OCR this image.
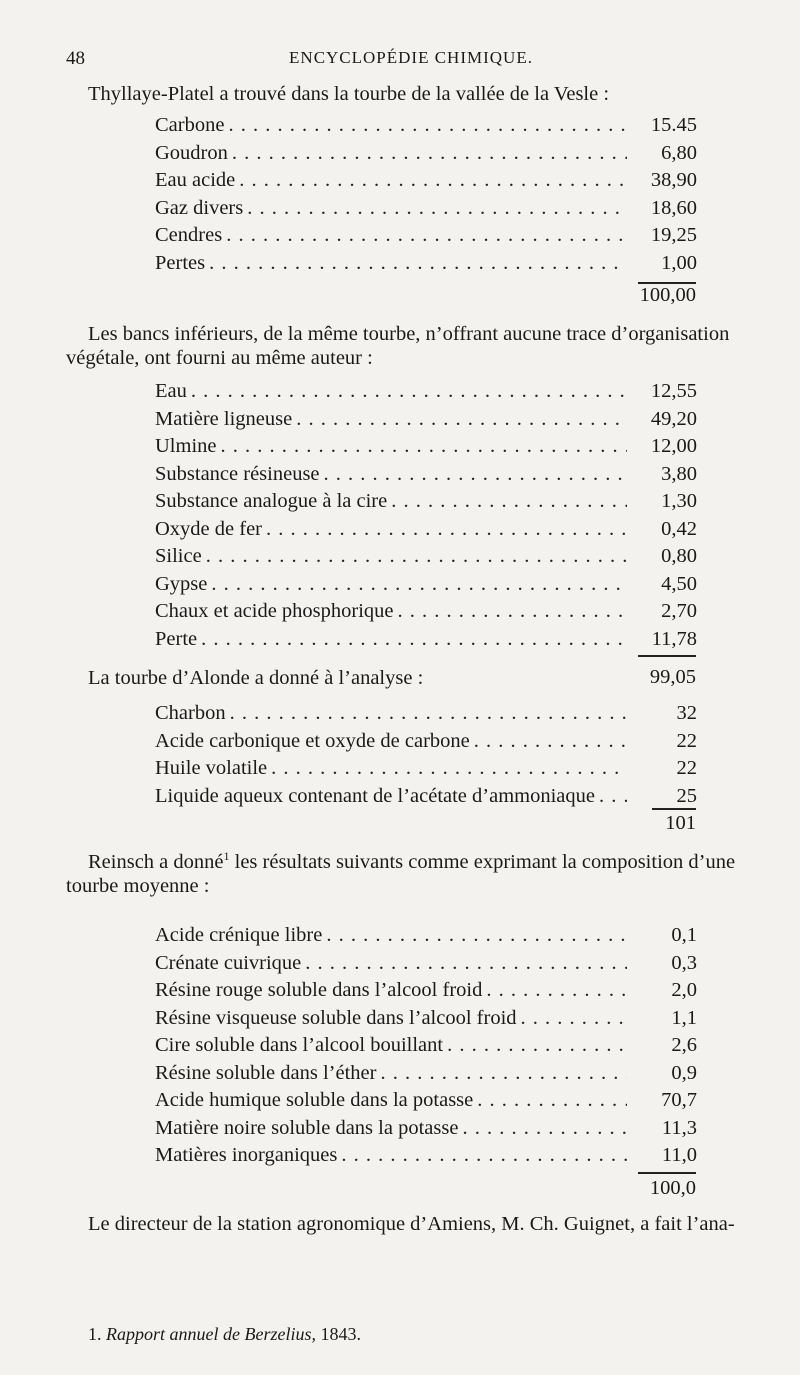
48	ENCYCLOPÉDIE CHIMIQUE.
Thyllaye-Platel a trouvé dans la tourbe de la vallée de la Vesle :
Carbone . . .	15.45
Goudron . . .	6,80
Eau acide . . .	38,90
Gaz divers . . .	18,60
Cendres . . .	19,25
Pertes . . .	1,00
100,00
Les bancs inférieurs, de la même tourbe, n’offrant aucune trace d’organisation
végétale, ont fourni au même auteur :
Eau . . .	12,55
Matière ligneuse . . .	49,20
Ulmine . . .	12,00
Substance résineuse . . .	3,80
Substance analogue à la cire . . .	1,30
Oxyde de fer . . .	0,42
Silice . . .	0,80
Gypse . . .	4,50
Chaux et acide phosphorique . . .	2,70
Perte . . .	11,78
La tourbe d’Alonde a donné à l’analyse :	99,05
Charbon . . .	32
Acide carbonique et oxyde de carbone . . .	22
Huile volatile . . .	22
Liquide aqueux contenant de l’acétate d’ammoniaque . . .	25
101
Reinsch a donné$^1$ les résultats suivants comme exprimant la composition d’une
tourbe moyenne :
Acide crénique libre . . .	0,1
Crénate cuivrique . . .	0,3
Résine rouge soluble dans l’alcool froid . . .	2,0
Résine visqueuse soluble dans l’alcool froid . . .	1,1
Cire soluble dans l’alcool bouillant . . .	2,6
Résine soluble dans l’éther . . .	0,9
Acide humique soluble dans la potasse . . .	70,7
Matière noire soluble dans la potasse . . .	11,3
Matières inorganiques . . .	11,0
100,0
Le directeur de la station agronomique d’Amiens, M. Ch. Guignet, a fait l’ana-
1. Rapport annuel de Berzelius, 1843.
